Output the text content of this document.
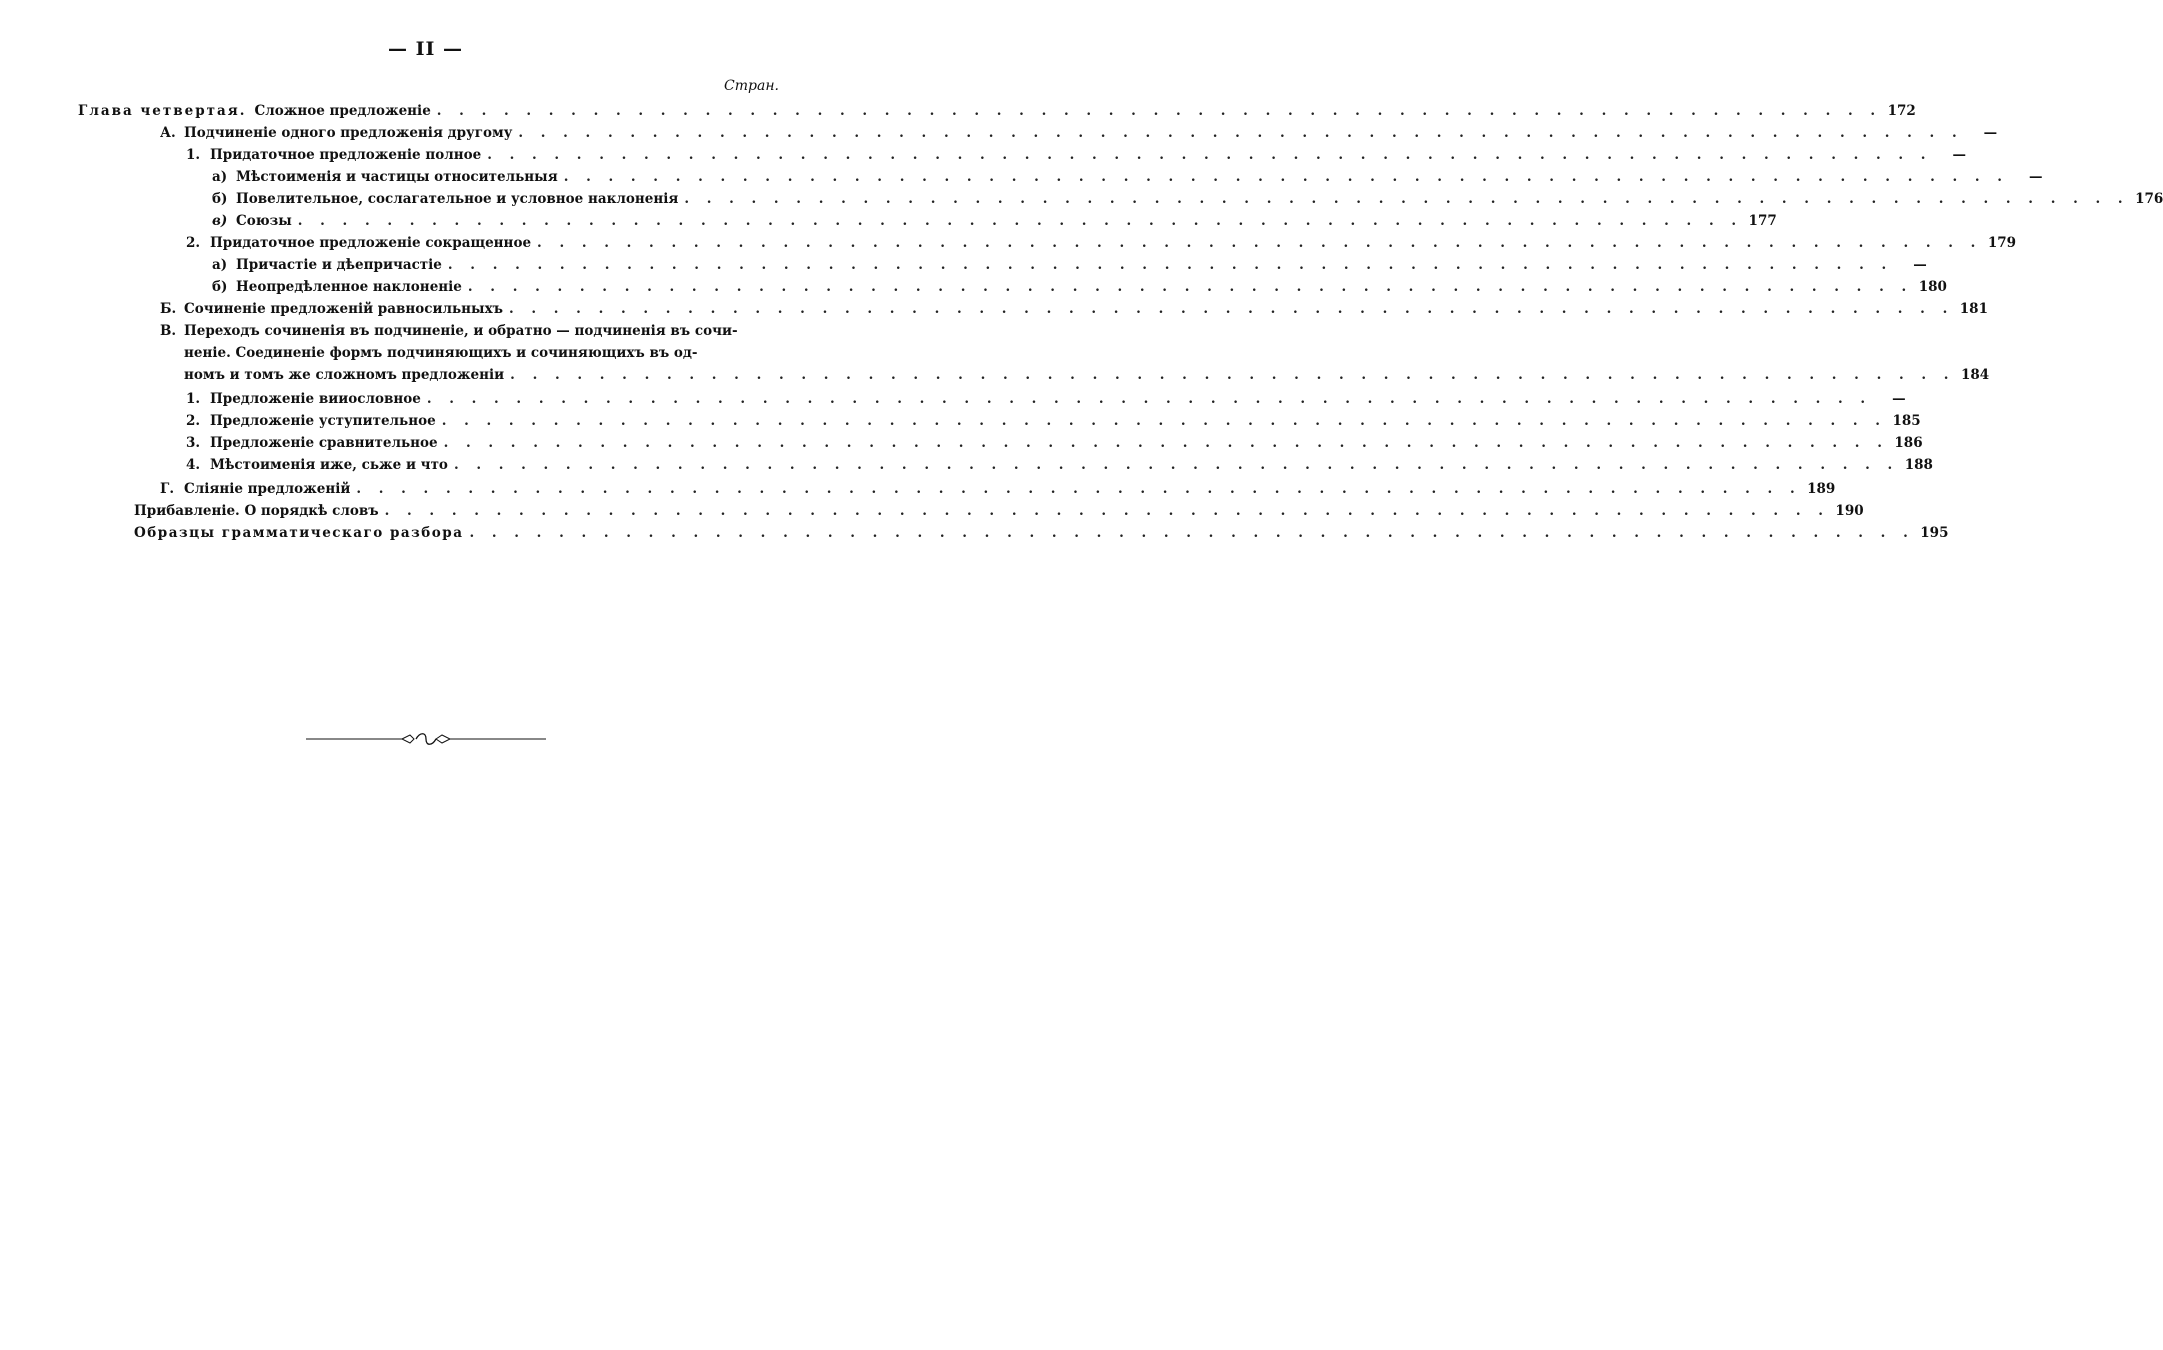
— II —
Стран.
Глава четвертая. Сложное предложеніе . . . . . . . . . . . . . . . . . . . . . . . . . . . . . . . . . . . . . . . . . . . . . . . . . . . . . . . . . . . . . . . . . 172
А. Подчиненіе одного предложенія другому . . . . . . . . . . . . . . . . . . . . . . . . . . . . . . . . . . . . . . . . . . . . . . . . . . . . . . . . . . . . . . . . .	—
1. Придаточное предложеніе полное . . . . . . . . . . . . . . . . . . . . . . . . . . . . . . . . . . . . . . . . . . . . . . . . . . . . . . . . . . . . . . . . .	—
а) Мѣстоименія и частицы относительныя . . . . . . . . . . . . . . . . . . . . . . . . . . . . . . . . . . . . . . . . . . . . . . . . . . . . . . . . . . . . . . . . .	—
б) Повелительное, сослагательное и условное наклоненія . . . . . . . . . . . . . . . . . . . . . . . . . . . . . . . . . . . . . . . . . . . . . . . . . . . . . . . . . . . . . . . . . 176
в) Союзы . . . . . . . . . . . . . . . . . . . . . . . . . . . . . . . . . . . . . . . . . . . . . . . . . . . . . . . . . . . . . . . . . 177
2. Придаточное предложеніе сокращенное . . . . . . . . . . . . . . . . . . . . . . . . . . . . . . . . . . . . . . . . . . . . . . . . . . . . . . . . . . . . . . . . . 179
а) Причастіе и дѣепричастіе . . . . . . . . . . . . . . . . . . . . . . . . . . . . . . . . . . . . . . . . . . . . . . . . . . . . . . . . . . . . . . . . .	—
б) Неопредѣленное наклоненіе . . . . . . . . . . . . . . . . . . . . . . . . . . . . . . . . . . . . . . . . . . . . . . . . . . . . . . . . . . . . . . . . . 180
Б. Сочиненіе предложеній равносильныхъ . . . . . . . . . . . . . . . . . . . . . . . . . . . . . . . . . . . . . . . . . . . . . . . . . . . . . . . . . . . . . . . . . 181
В. Переходъ сочиненія въ подчиненіе, и обратно — подчиненія въ сочи-
неніе. Соединеніе формъ подчиняющихъ и сочиняющихъ въ од-
номъ и томъ же сложномъ предложеніи . . . . . . . . . . . . . . . . . . . . . . . . . . . . . . . . . . . . . . . . . . . . . . . . . . . . . . . . . . . . . . . . . 184
1. Предложеніе вииословное . . . . . . . . . . . . . . . . . . . . . . . . . . . . . . . . . . . . . . . . . . . . . . . . . . . . . . . . . . . . . . . . .	—
2. Предложеніе уступительное . . . . . . . . . . . . . . . . . . . . . . . . . . . . . . . . . . . . . . . . . . . . . . . . . . . . . . . . . . . . . . . . . 185
3. Предложеніе сравнительное . . . . . . . . . . . . . . . . . . . . . . . . . . . . . . . . . . . . . . . . . . . . . . . . . . . . . . . . . . . . . . . . . 186
4. Мѣстоименія иже, сьже и что . . . . . . . . . . . . . . . . . . . . . . . . . . . . . . . . . . . . . . . . . . . . . . . . . . . . . . . . . . . . . . . . . 188
Г. Сліяніе предложеній . . . . . . . . . . . . . . . . . . . . . . . . . . . . . . . . . . . . . . . . . . . . . . . . . . . . . . . . . . . . . . . . . 189
Прибавленіе. О порядкѣ словъ . . . . . . . . . . . . . . . . . . . . . . . . . . . . . . . . . . . . . . . . . . . . . . . . . . . . . . . . . . . . . . . . . 190
Образцы грамматическаго разбора . . . . . . . . . . . . . . . . . . . . . . . . . . . . . . . . . . . . . . . . . . . . . . . . . . . . . . . . . . . . . . . . . 195
